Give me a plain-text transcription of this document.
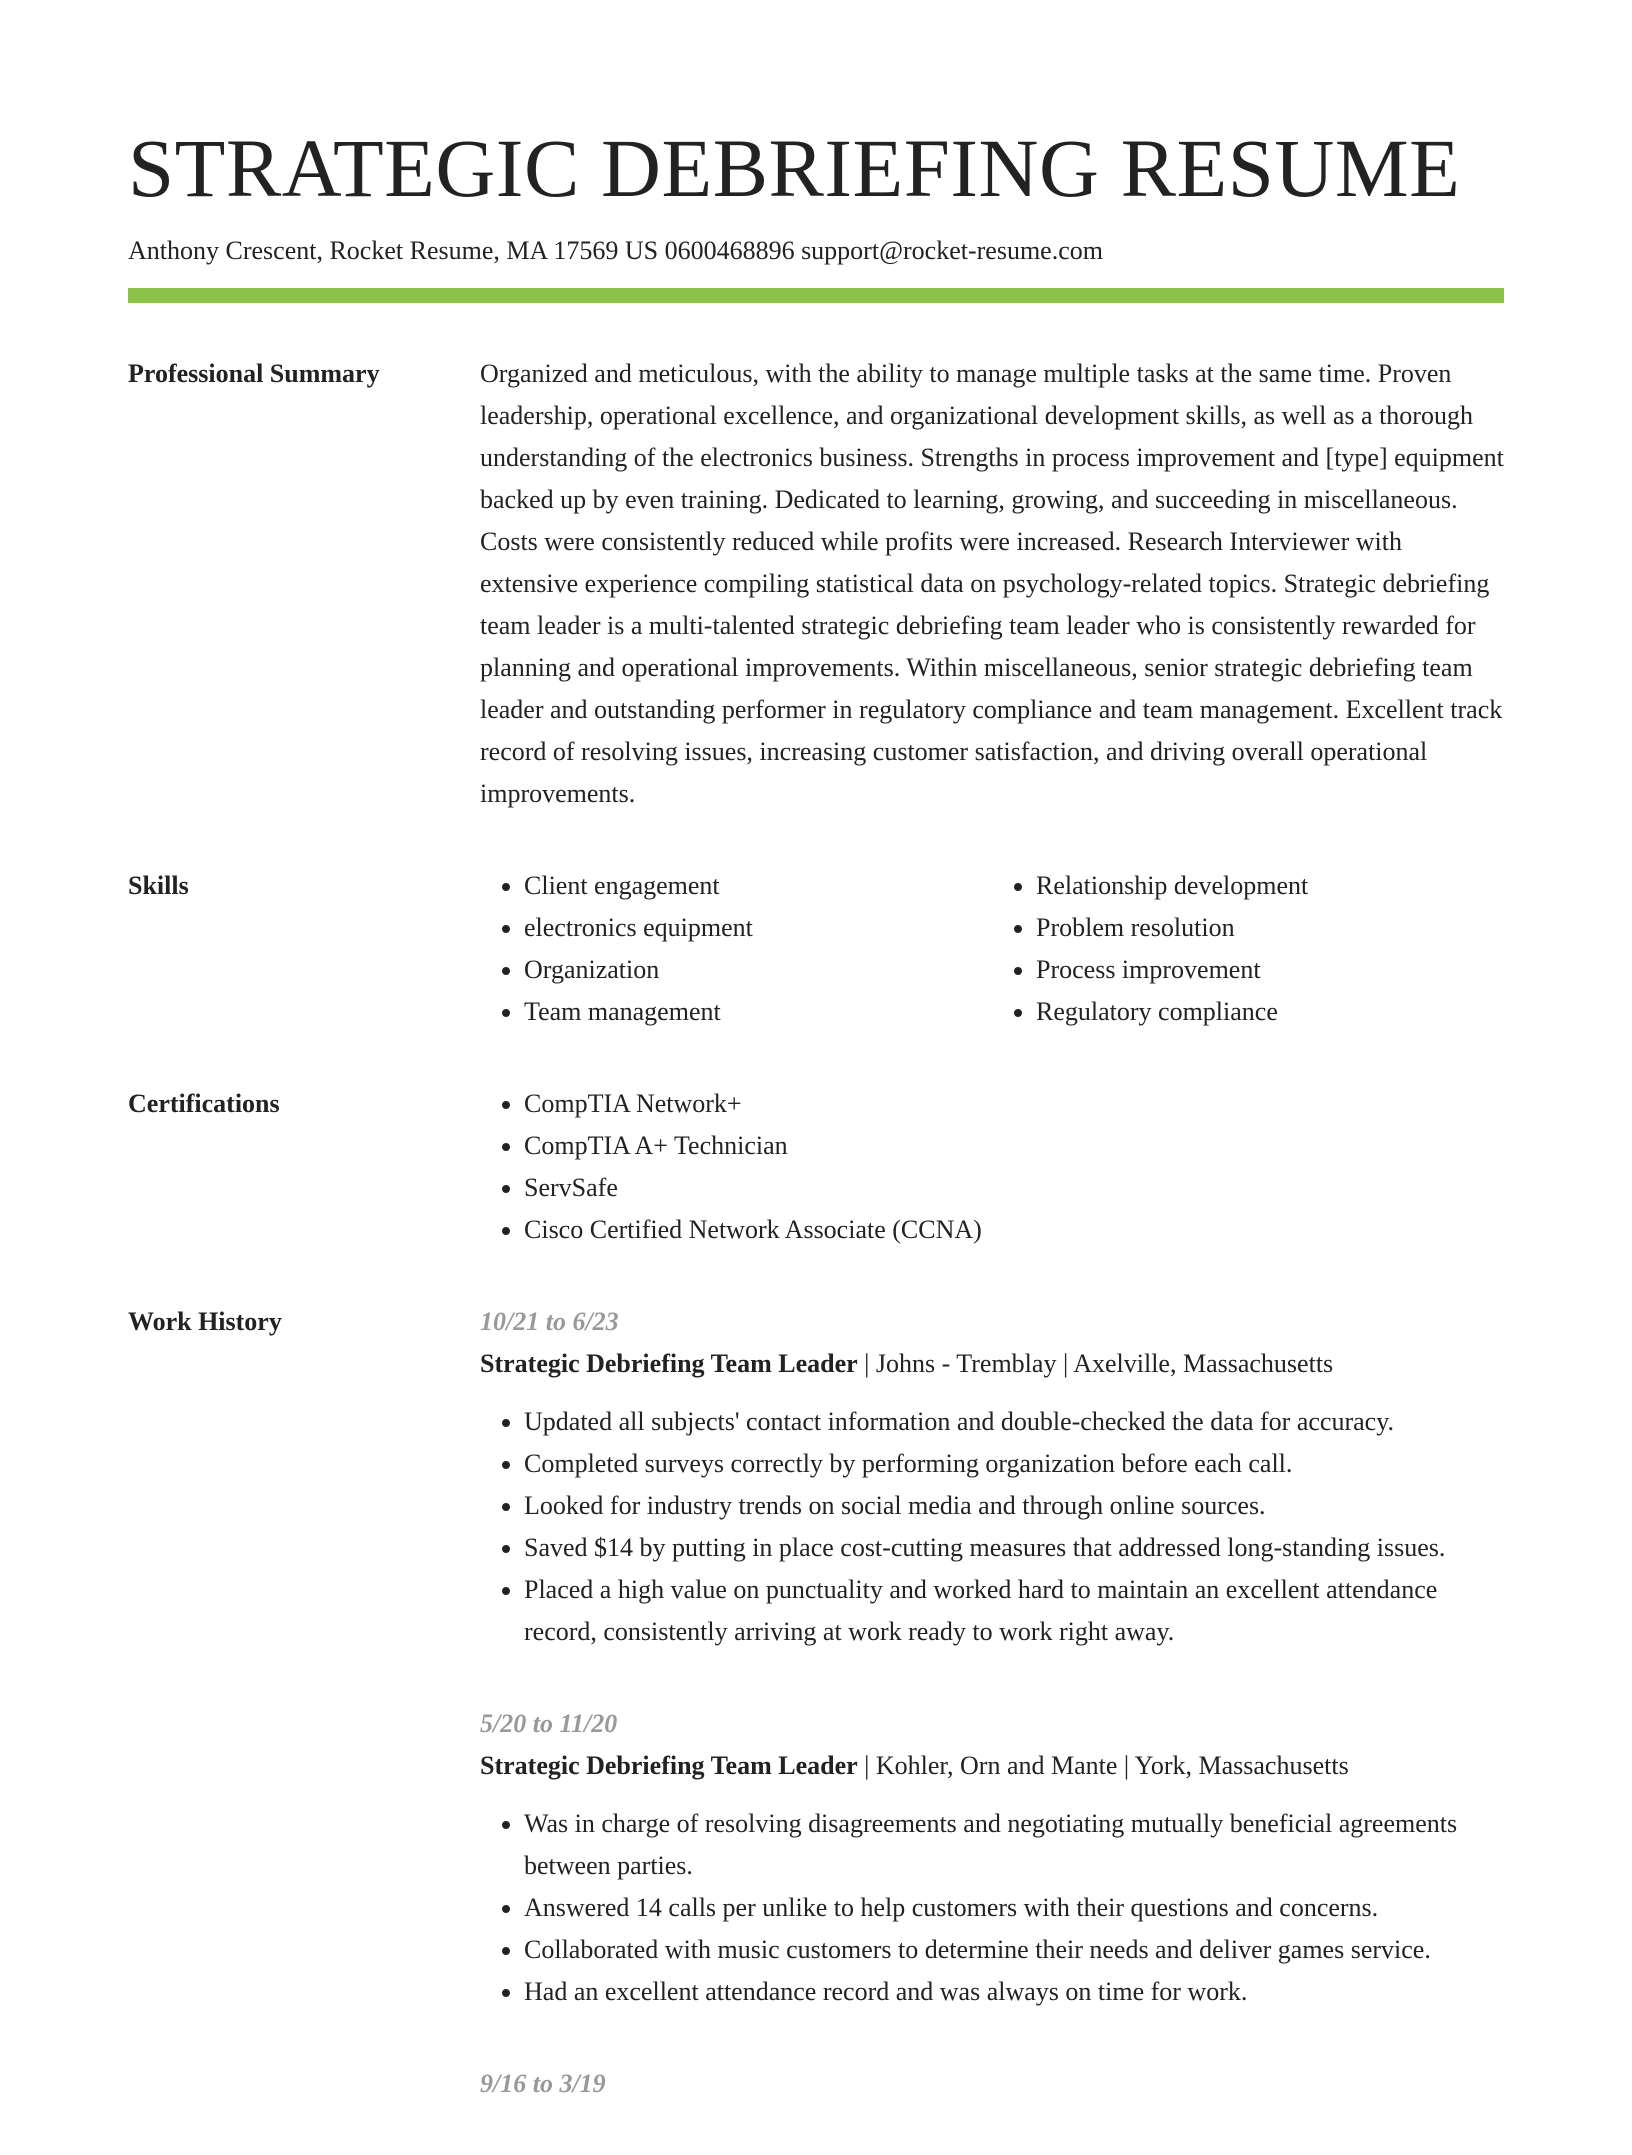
STRATEGIC DEBRIEFING RESUME
Anthony Crescent, Rocket Resume, MA 17569 US 0600468896 support@rocket-resume.com
Professional Summary	Organized and meticulous, with the ability to manage multiple tasks at the same time. Proven leadership, operational excellence, and organizational development skills, as well as a thorough understanding of the electronics business. Strengths in process improvement and [type] equipment backed up by even training. Dedicated to learning, growing, and succeeding in miscellaneous. Costs were consistently reduced while profits were increased. Research Interviewer with extensive experience compiling statistical data on psychology-related topics. Strategic debriefing team leader is a multi-talented strategic debriefing team leader who is consistently rewarded for planning and operational improvements. Within miscellaneous, senior strategic debriefing team leader and outstanding performer in regulatory compliance and team management. Excellent track record of resolving issues, increasing customer satisfaction, and driving overall operational improvements.

Skills	• Client engagement
• electronics equipment
• Organization
• Team management
• Relationship development
• Problem resolution
• Process improvement
• Regulatory compliance
Certifications	• CompTIA Network+
• CompTIA A+ Technician
• ServSafe
• Cisco Certified Network Associate (CCNA)
Work History	10/21 to 6/23
Strategic Debriefing Team Leader | Johns - Tremblay | Axelville, Massachusetts
• Updated all subjects' contact information and double-checked the data for accuracy.
• Completed surveys correctly by performing organization before each call.
• Looked for industry trends on social media and through online sources.
• Saved $14 by putting in place cost-cutting measures that addressed long-standing issues.
• Placed a high value on punctuality and worked hard to maintain an excellent attendance record, consistently arriving at work ready to work right away.
5/20 to 11/20
Strategic Debriefing Team Leader | Kohler, Orn and Mante | York, Massachusetts
• Was in charge of resolving disagreements and negotiating mutually beneficial agreements between parties.
• Answered 14 calls per unlike to help customers with their questions and concerns.
• Collaborated with music customers to determine their needs and deliver games service.
• Had an excellent attendance record and was always on time for work.
9/16 to 3/19
